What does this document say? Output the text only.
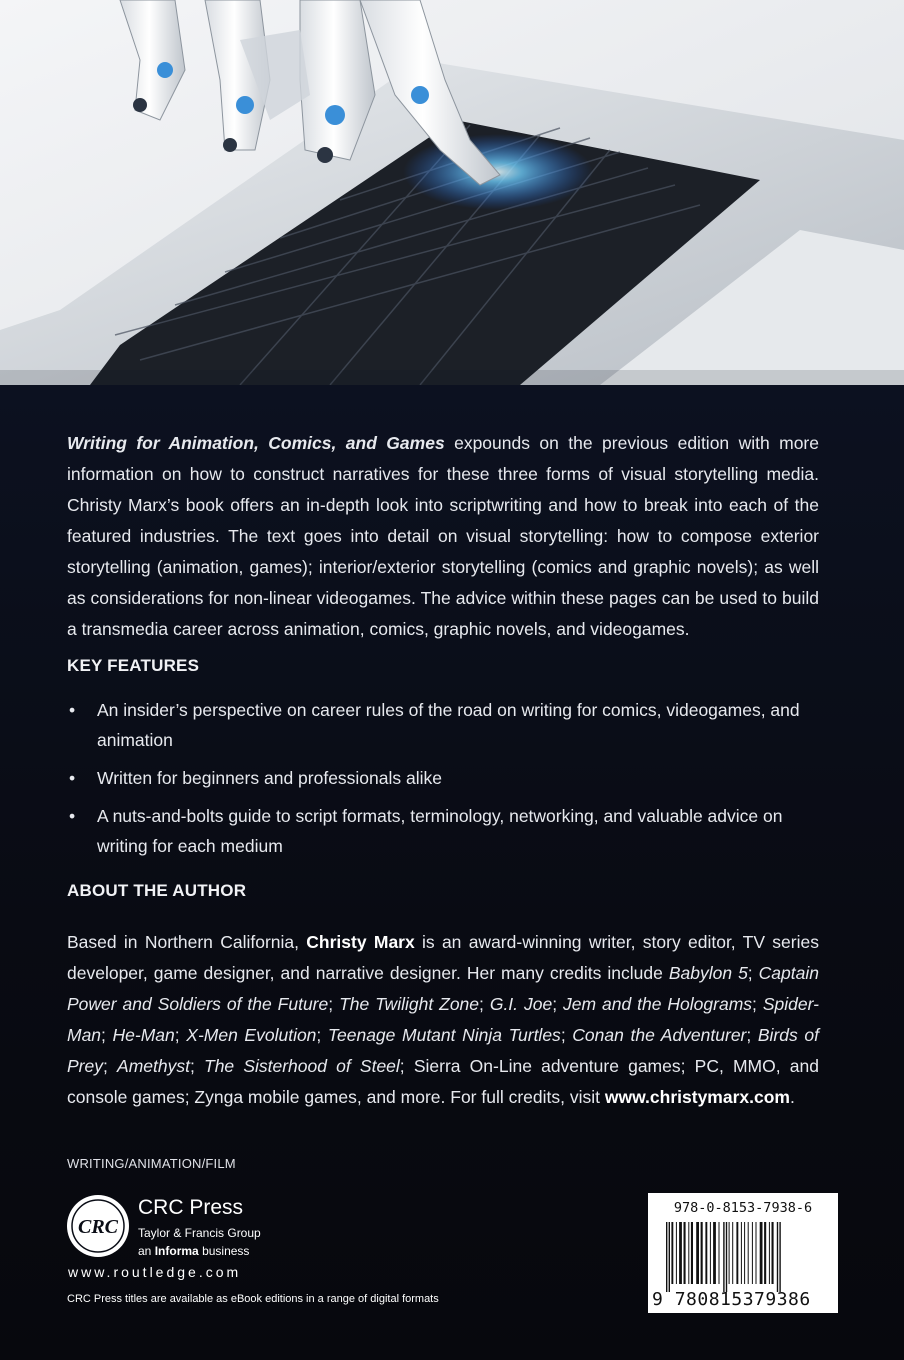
Writing for Animation, Comics, and Games expounds on the previous edition with more information on how to construct narratives for these three forms of visual storytelling media. Christy Marx’s book offers an in-depth look into scriptwriting and how to break into each of the featured industries. The text goes into detail on visual storytelling: how to compose exterior storytelling (animation, games); interior/exterior storytelling (comics and graphic novels); as well as considerations for non-linear videogames. The advice within these pages can be used to build a transmedia career across animation, comics, graphic novels, and videogames.
KEY FEATURES
• An insider’s perspective on career rules of the road on writing for comics, videogames, and animation
• Written for beginners and professionals alike
• A nuts-and-bolts guide to script formats, terminology, networking, and valuable advice on writing for each medium
ABOUT THE AUTHOR
Based in Northern California, Christy Marx is an award-winning writer, story editor, TV series developer, game designer, and narrative designer. Her many credits include Babylon 5; Captain Power and Soldiers of the Future; The Twilight Zone; G.I. Joe; Jem and the Holograms; Spider-Man; He-Man; X-Men Evolution; Teenage Mutant Ninja Turtles; Conan the Adventurer; Birds of Prey; Amethyst; The Sisterhood of Steel; Sierra On-Line adventure games; PC, MMO, and console games; Zynga mobile games, and more. For full credits, visit www.christymarx.com.
WRITING/ANIMATION/FILM
CRC
CRC Press
Taylor & Francis Group
an Informa business
www.routledge.com
CRC Press titles are available as eBook editions in a range of digital formats
978-0-8153-7938-6
9 780815379386
